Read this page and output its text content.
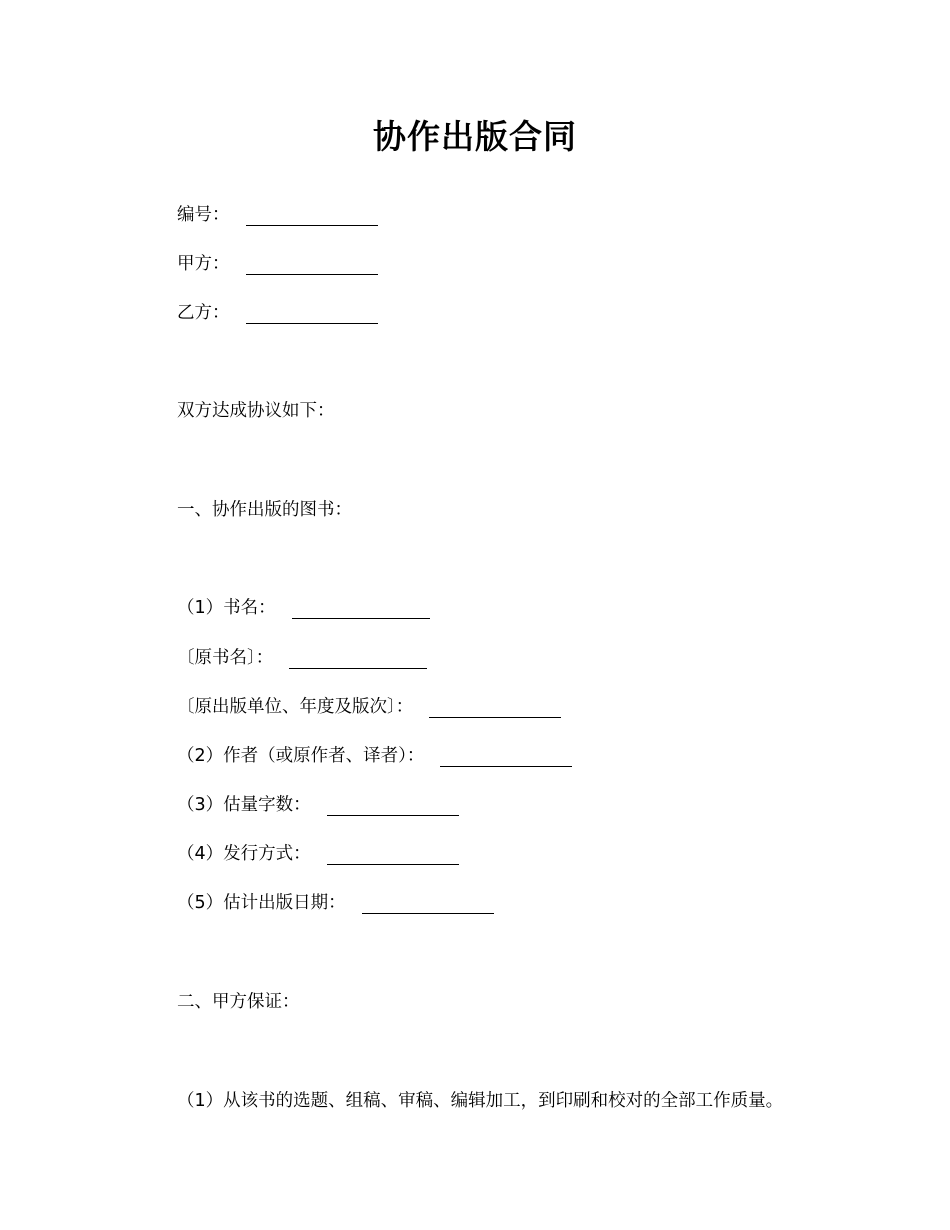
协作出版合同
编号：
甲方：
乙方：
双方达成协议如下：
一、协作出版的图书：
（1）书名：
〔原书名〕：
〔原出版单位、年度及版次〕：
（2）作者（或原作者、译者）：
（3）估量字数：
（4）发行方式：
（5）估计出版日期：
二、甲方保证：
（1）从该书的选题、组稿、审稿、编辑加工，到印刷和校对的全部工作质量。
